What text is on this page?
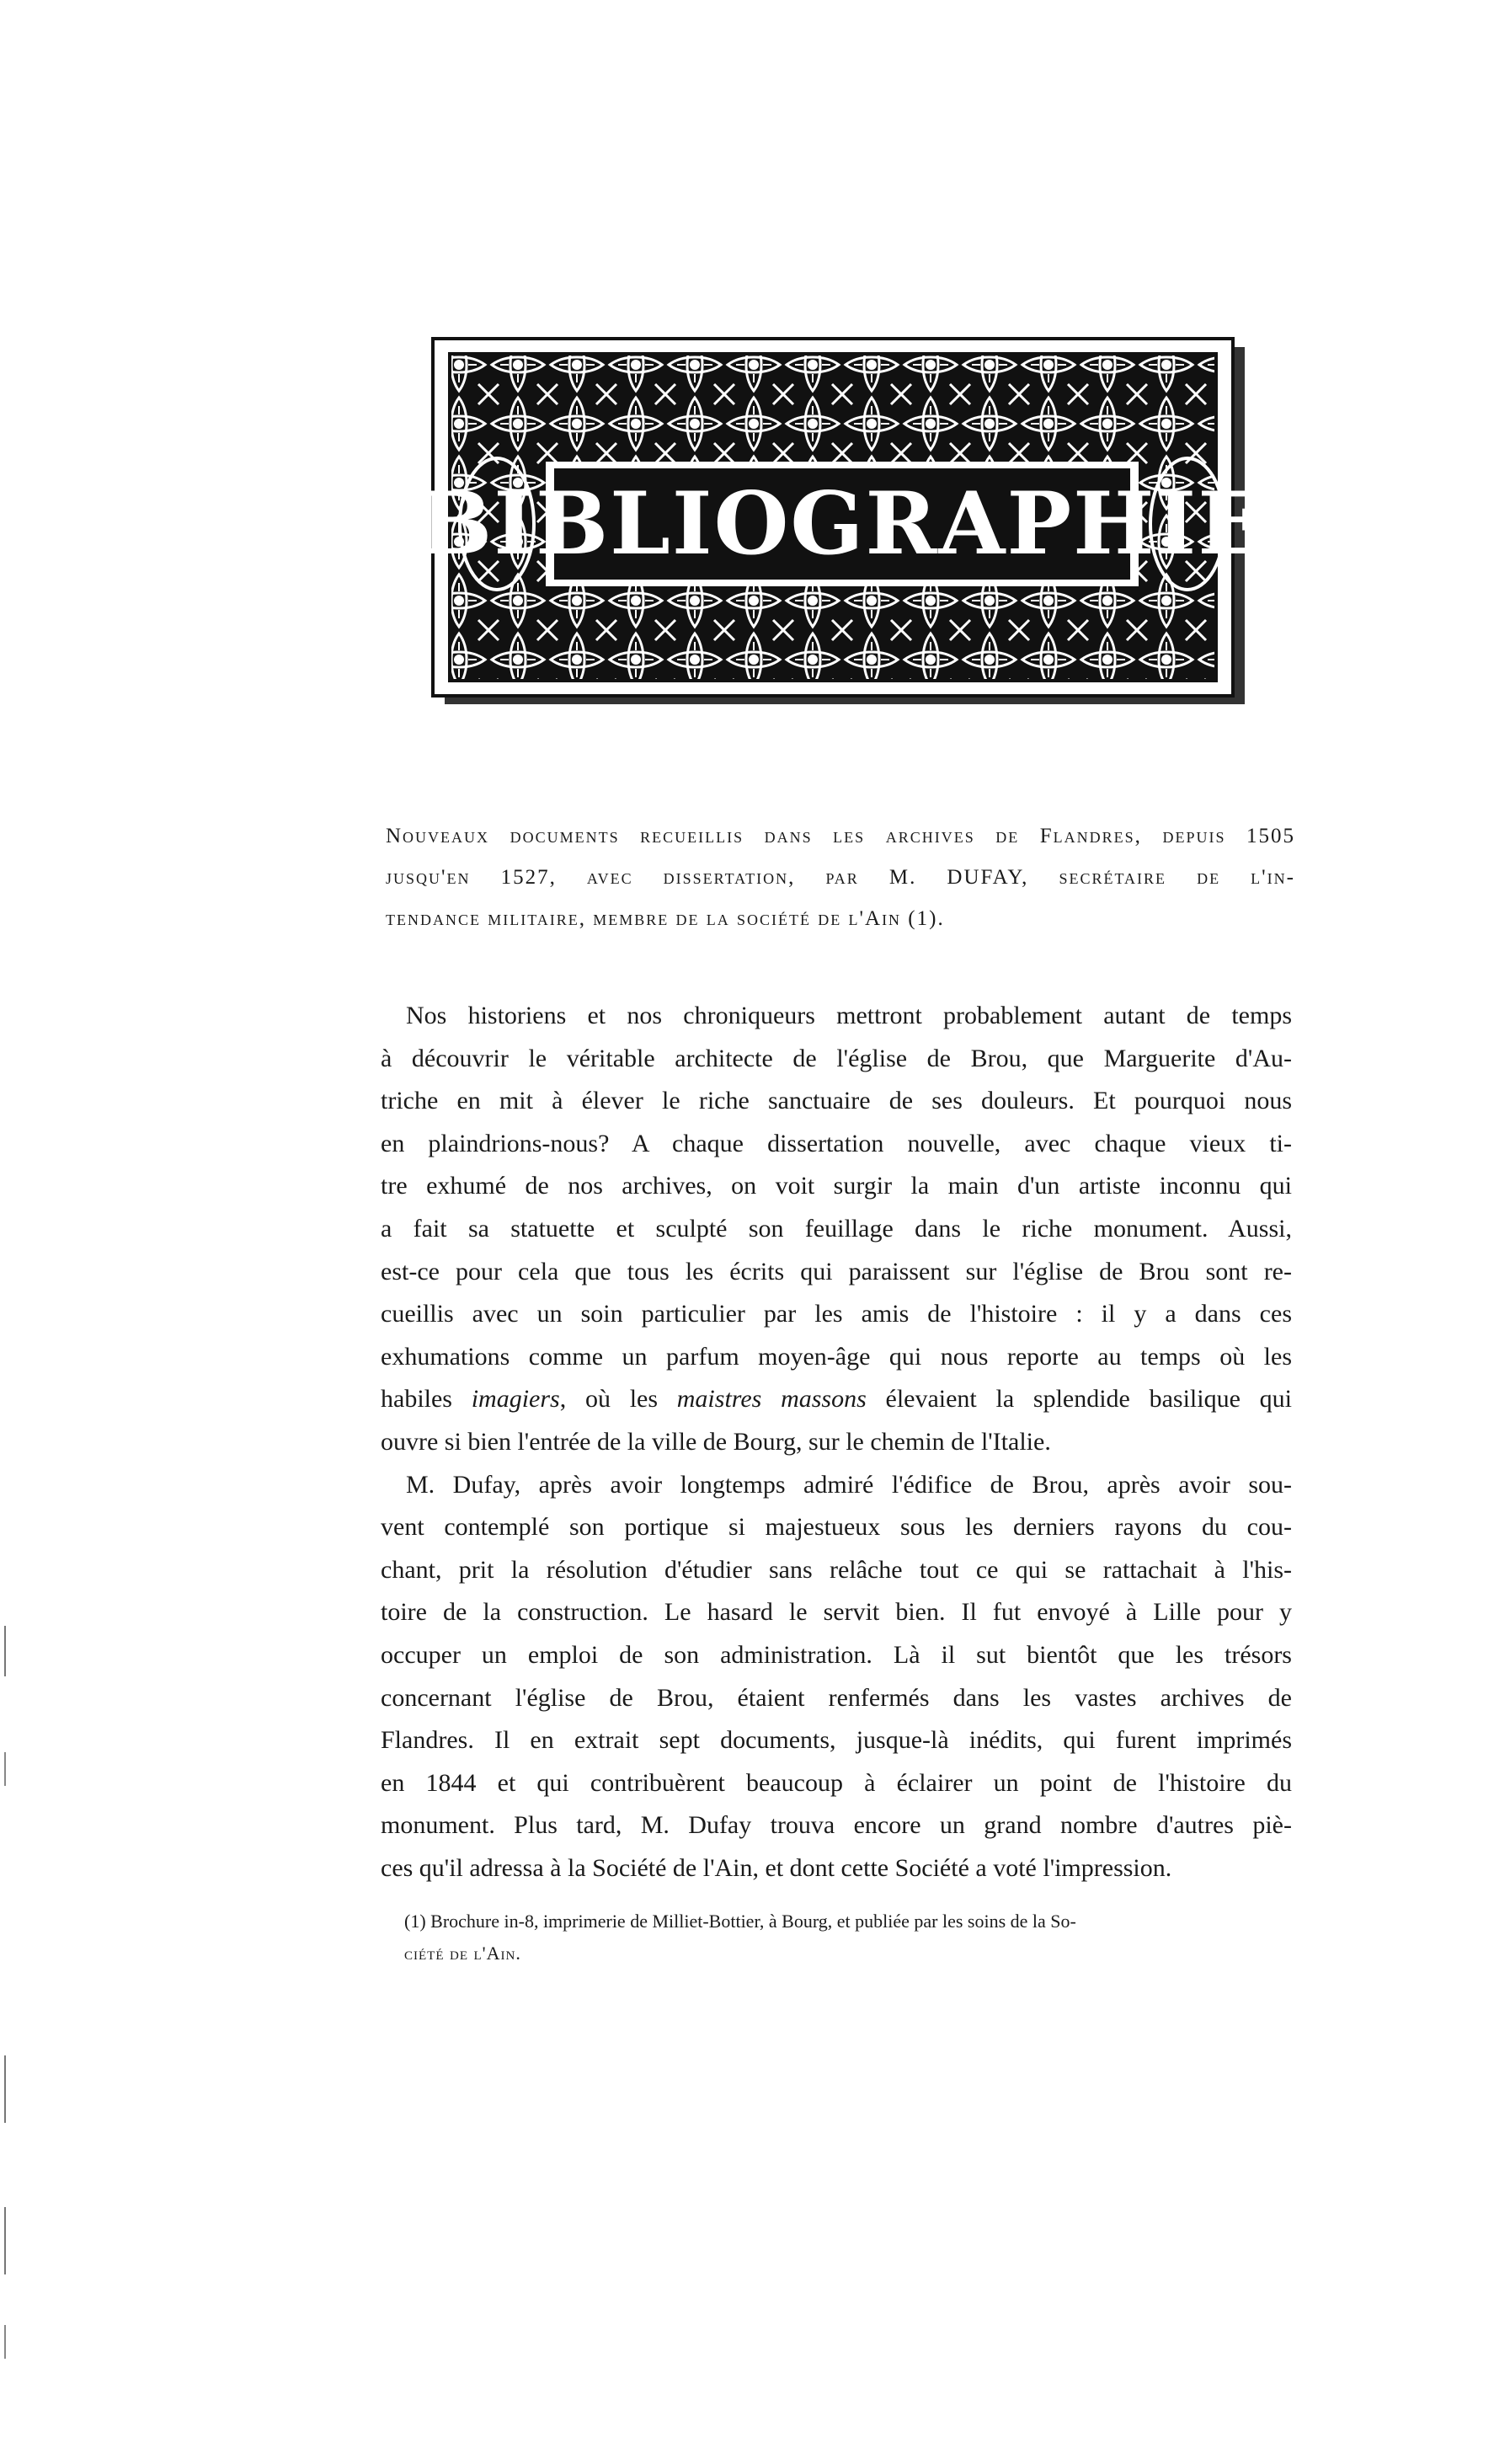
BIBLIOGRAPHIE

Nouveaux documents recueillis dans les archives de Flandres, depuis 1505

jusqu'en 1527, avec dissertation, par M. DUFAY, secrétaire de l'in-

tendance militaire, membre de la société de l'Ain (1).

Nos historiens et nos chroniqueurs mettront probablement autant de temps

à découvrir le véritable architecte de l'église de Brou, que Marguerite d'Au-

triche en mit à élever le riche sanctuaire de ses douleurs. Et pourquoi nous

en plaindrions-nous? A chaque dissertation nouvelle, avec chaque vieux ti-

tre exhumé de nos archives, on voit surgir la main d'un artiste inconnu qui

a fait sa statuette et sculpté son feuillage dans le riche monument. Aussi,

est-ce pour cela que tous les écrits qui paraissent sur l'église de Brou sont re-

cueillis avec un soin particulier par les amis de l'histoire : il y a dans ces

exhumations comme un parfum moyen-âge qui nous reporte au temps où les

habiles imagiers, où les maistres massons élevaient la splendide basilique qui

ouvre si bien l'entrée de la ville de Bourg, sur le chemin de l'Italie.

M. Dufay, après avoir longtemps admiré l'édifice de Brou, après avoir sou-

vent contemplé son portique si majestueux sous les derniers rayons du cou-

chant, prit la résolution d'étudier sans relâche tout ce qui se rattachait à l'his-

toire de la construction. Le hasard le servit bien. Il fut envoyé à Lille pour y

occuper un emploi de son administration. Là il sut bientôt que les trésors

concernant l'église de Brou, étaient renfermés dans les vastes archives de

Flandres. Il en extrait sept documents, jusque-là inédits, qui furent imprimés

en 1844 et qui contribuèrent beaucoup à éclairer un point de l'histoire du

monument. Plus tard, M. Dufay trouva encore un grand nombre d'autres piè-

ces qu'il adressa à la Société de l'Ain, et dont cette Société a voté l'impression.

(1) Brochure in-8, imprimerie de Milliet-Bottier, à Bourg, et publiée par les soins de la So-

ciété de l'Ain.
